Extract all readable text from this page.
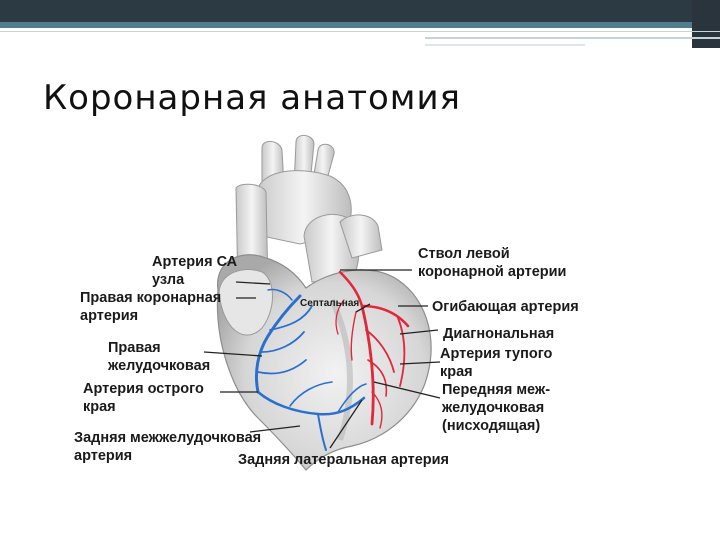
Коронарная анатомия
Артерия СА
узла
Правая коронарная
артерия
Правая
желудочковая
Артерия острого
края
Задняя межжелудочковая
артерия	Задняя латеральная артерия
Ствол левой
коронарной артерии
Септальная	Огибающая артерия
Диагнональная
Артерия тупого
края
Передняя меж-
желудочковая
(нисходящая)
